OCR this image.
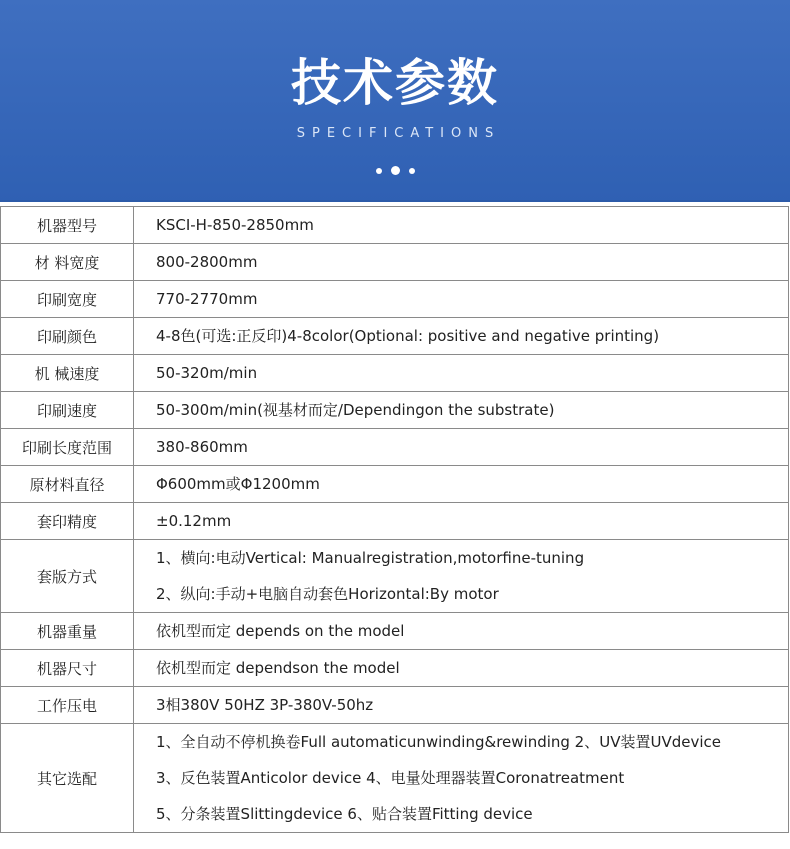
技术参数
SPECIFICATIONS
机器型号	KSCI-H-850-2850mm

材 料宽度	800-2800mm

印刷宽度	770-2770mm

印刷颜色	4-8色(可选:正反印)4-8color(Optional: positive and negative printing)

机 械速度	50-320m/min

印刷速度	50-300m/min(视基材而定/Dependingon the substrate)

印刷长度范围	380-860mm

原材料直径	Φ600mm或Φ1200mm

套印精度	±0.12mm

套版方式	1、横向:电动Vertical: Manualregistration,motorfine-tuning
2、纵向:手动+电脑自动套色Horizontal:By motor

机器重量	依机型而定 depends on the model

机器尺寸	依机型而定 dependson the model

工作压电	3相380V 50HZ 3P-380V-50hz

其它选配	1、全自动不停机换卷Full automaticunwinding&rewinding 2、UV装置UVdevice
3、反色装置Anticolor device 4、电量处理器装置Coronatreatment
5、分条装置Slittingdevice 6、贴合装置Fitting device
